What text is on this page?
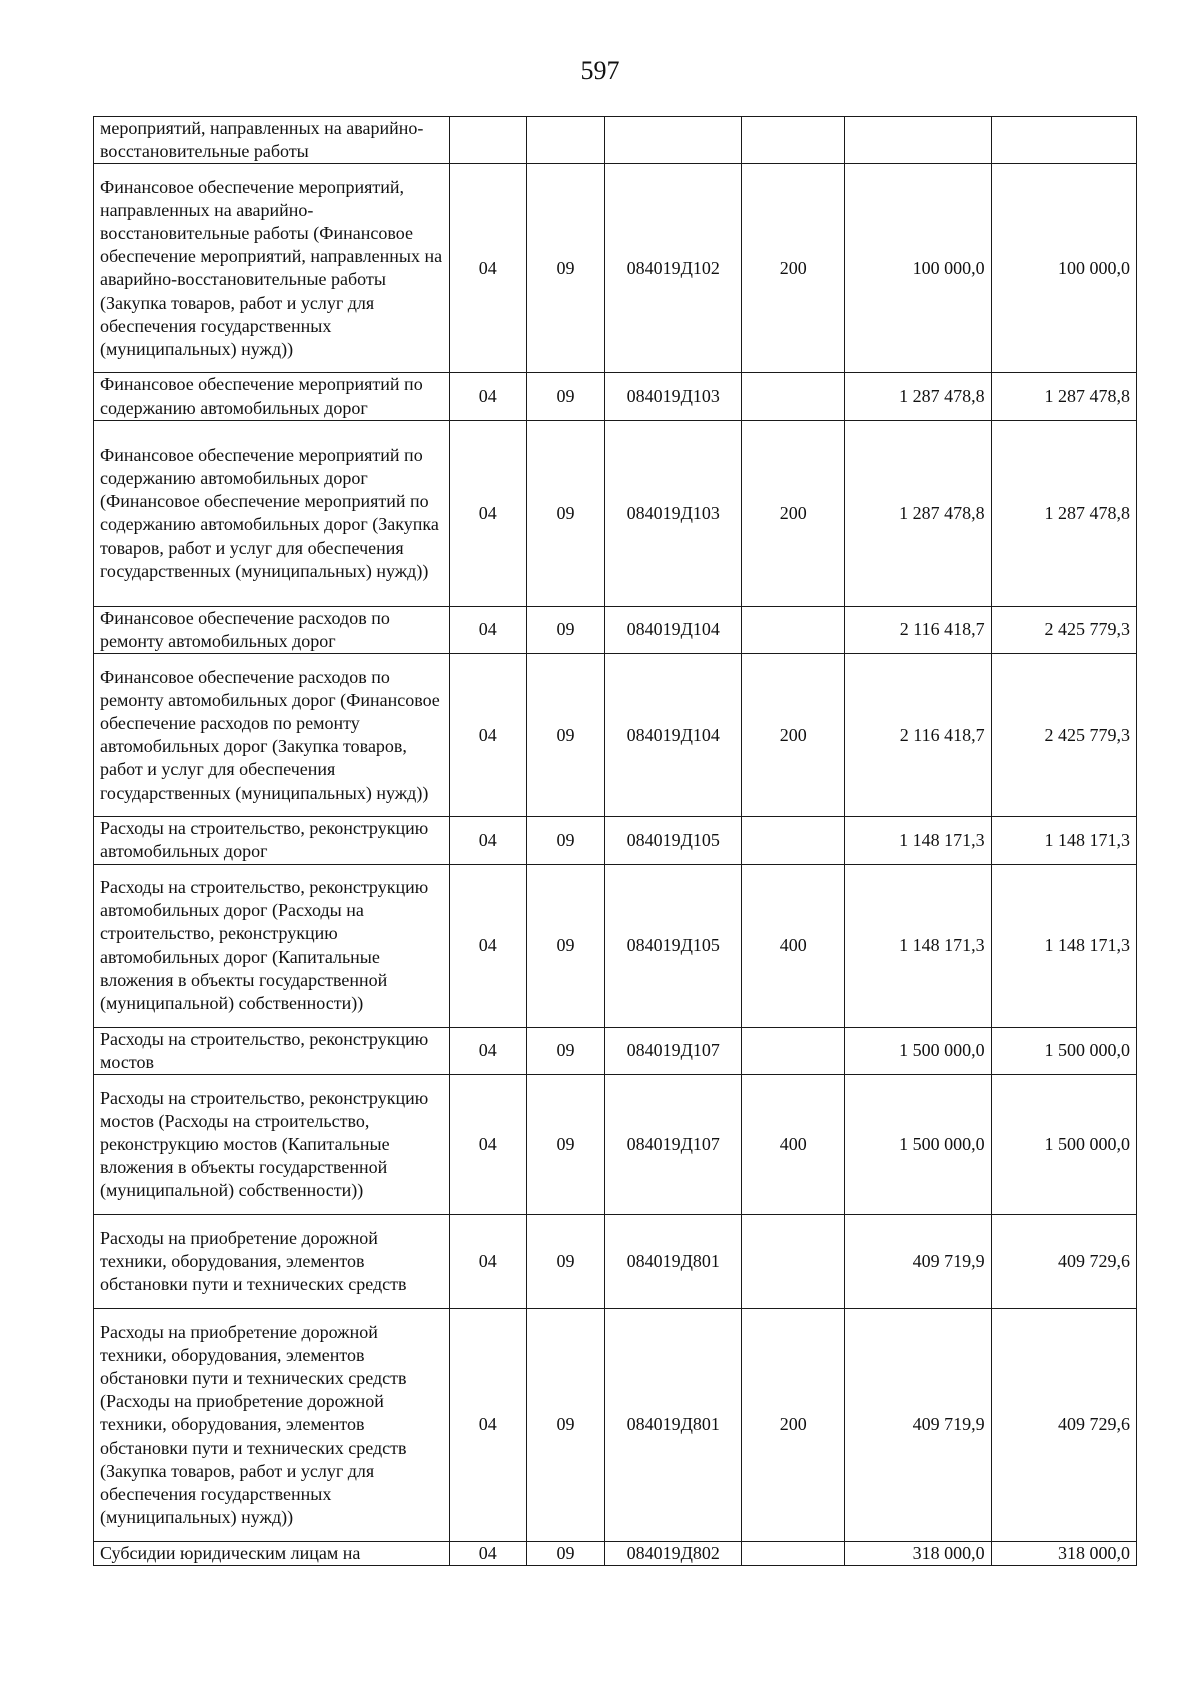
597
мероприятий, направленных на аварийно-восстановительные работы						
Финансовое обеспечение мероприятий, направленных на аварийно-восстановительные работы (Финансовое обеспечение мероприятий, направленных на аварийно-восстановительные работы (Закупка товаров, работ и услуг для обеспечения государственных (муниципальных) нужд))	04	09	084019Д102	200	100 000,0	100 000,0
Финансовое обеспечение мероприятий по содержанию автомобильных дорог	04	09	084019Д103		1 287 478,8	1 287 478,8
Финансовое обеспечение мероприятий по содержанию автомобильных дорог (Финансовое обеспечение мероприятий по содержанию автомобильных дорог (Закупка товаров, работ и услуг для обеспечения государственных (муниципальных) нужд))	04	09	084019Д103	200	1 287 478,8	1 287 478,8
Финансовое обеспечение расходов по ремонту автомобильных дорог	04	09	084019Д104		2 116 418,7	2 425 779,3
Финансовое обеспечение расходов по ремонту автомобильных дорог (Финансовое обеспечение расходов по ремонту автомобильных дорог (Закупка товаров, работ и услуг для обеспечения государственных (муниципальных) нужд))	04	09	084019Д104	200	2 116 418,7	2 425 779,3
Расходы на строительство, реконструкцию автомобильных дорог	04	09	084019Д105		1 148 171,3	1 148 171,3
Расходы на строительство, реконструкцию автомобильных дорог (Расходы на строительство, реконструкцию автомобильных дорог (Капитальные вложения в объекты государственной (муниципальной) собственности))	04	09	084019Д105	400	1 148 171,3	1 148 171,3
Расходы на строительство, реконструкцию мостов	04	09	084019Д107		1 500 000,0	1 500 000,0
Расходы на строительство, реконструкцию мостов (Расходы на строительство, реконструкцию мостов (Капитальные вложения в объекты государственной (муниципальной) собственности))	04	09	084019Д107	400	1 500 000,0	1 500 000,0
Расходы на приобретение дорожной техники, оборудования, элементов обстановки пути и технических средств	04	09	084019Д801		409 719,9	409 729,6
Расходы на приобретение дорожной техники, оборудования, элементов обстановки пути и технических средств (Расходы на приобретение дорожной техники, оборудования, элементов обстановки пути и технических средств (Закупка товаров, работ и услуг для обеспечения государственных (муниципальных) нужд))	04	09	084019Д801	200	409 719,9	409 729,6
Субсидии юридическим лицам на	04	09	084019Д802		318 000,0	318 000,0
